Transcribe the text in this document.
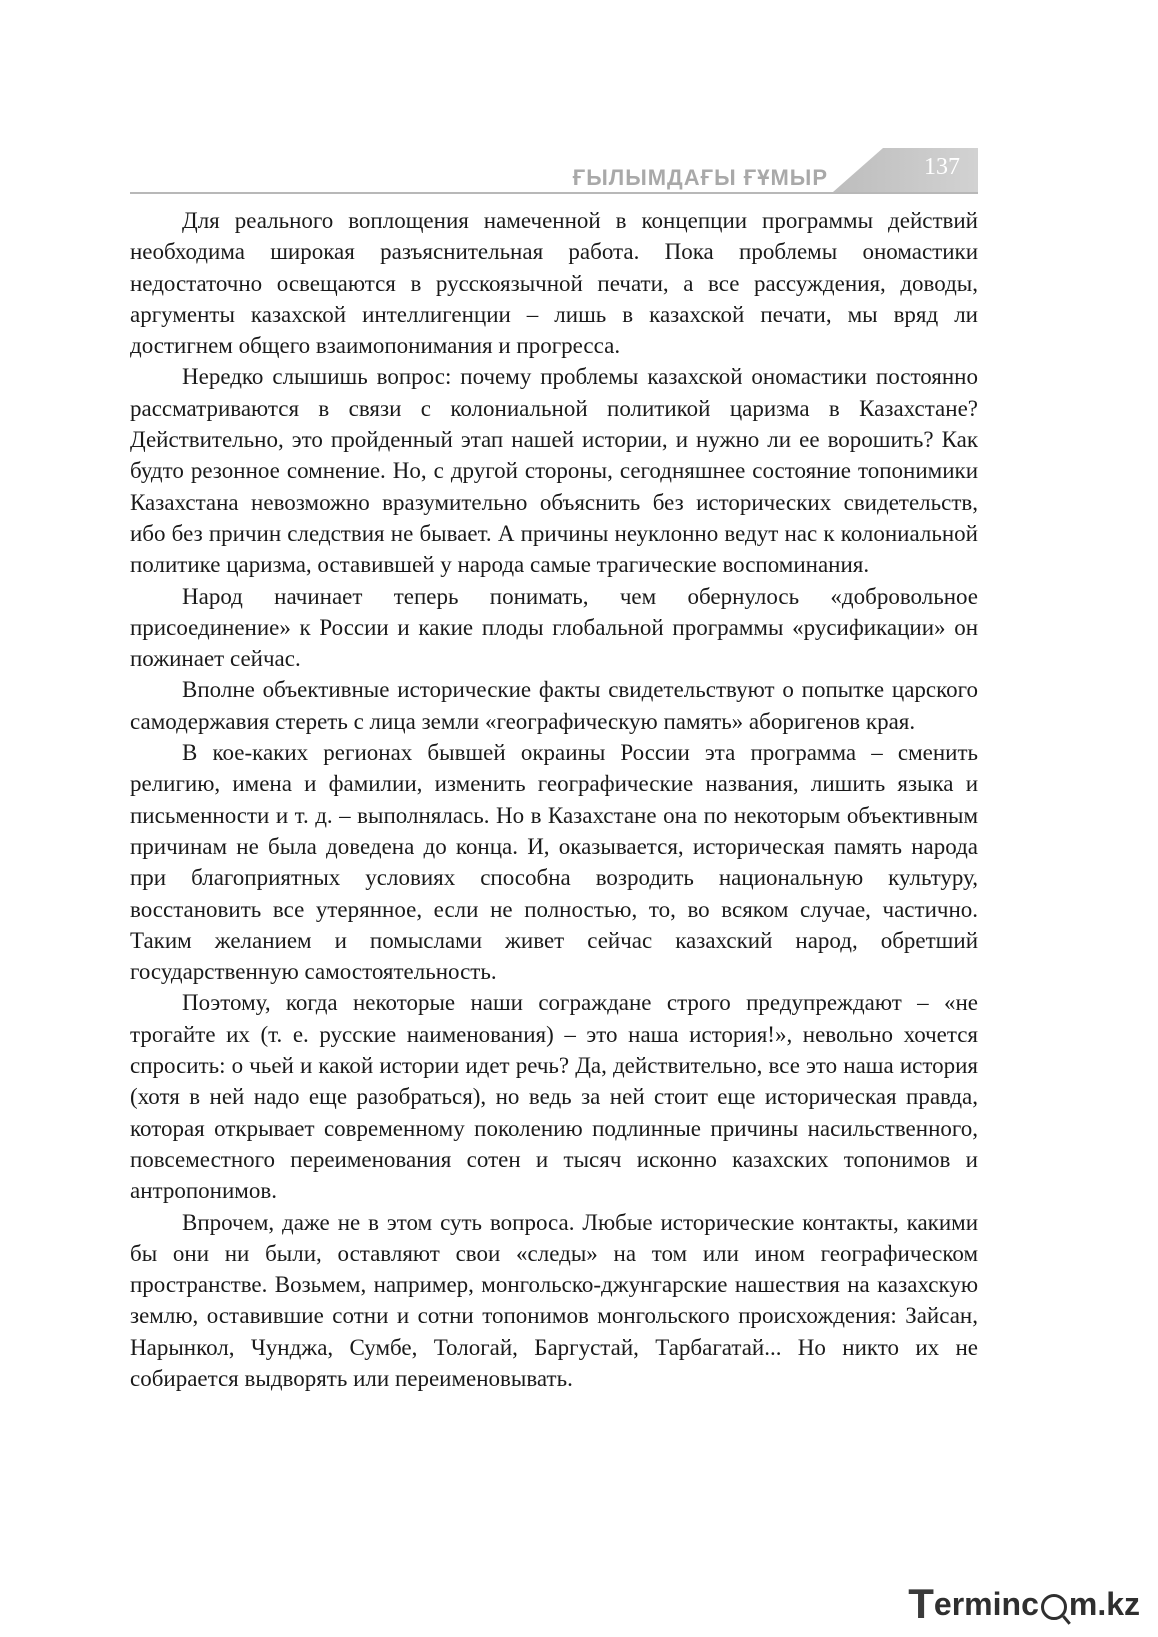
ҒЫЛЫМДАҒЫ ҒҰМЫР	137

Для реального воплощения намеченной в концепции программы действий необходима широкая разъяснительная работа. Пока проблемы ономастики недостаточно освещаются в русскоязычной печати, а все рассуждения, доводы, аргументы казахской интеллигенции – лишь в казахской печати, мы вряд ли достигнем общего взаимопонимания и прогресса.

Нередко слышишь вопрос: почему проблемы казахской ономастики постоянно рассматриваются в связи с колониальной политикой царизма в Казахстане? Действительно, это пройденный этап нашей истории, и нужно ли ее ворошить? Как будто резонное сомнение. Но, с другой стороны, сегодняшнее состояние топонимики Казахстана невозможно вразумительно объяснить без исторических свидетельств, ибо без причин следствия не бывает. А причины неуклонно ведут нас к колониальной политике царизма, оставившей у народа самые трагические воспоминания.

Народ начинает теперь понимать, чем обернулось «добровольное присоединение» к России и какие плоды глобальной программы «русификации» он пожинает сейчас.

Вполне объективные исторические факты свидетельствуют о попытке царского самодержавия стереть с лица земли «географическую память» аборигенов края.

В кое-каких регионах бывшей окраины России эта программа – сменить религию, имена и фамилии, изменить географические названия, лишить языка и письменности и т. д. – выполнялась. Но в Казахстане она по некоторым объективным причинам не была доведена до конца. И, оказывается, историческая память народа при благоприятных условиях способна возродить национальную культуру, восстановить все утерянное, если не полностью, то, во всяком случае, частично. Таким желанием и помыслами живет сейчас казахский народ, обретший государственную самостоятельность.

Поэтому, когда некоторые наши сограждане строго предупреждают – «не трогайте их (т. е. русские наименования) – это наша история!», невольно хочется спросить: о чьей и какой истории идет речь? Да, действительно, все это наша история (хотя в ней надо еще разобраться), но ведь за ней стоит еще историческая правда, которая открывает современному поколению подлинные причины насильственного, повсеместного переименования сотен и тысяч исконно казахских топонимов и антропонимов.

Впрочем, даже не в этом суть вопроса. Любые исторические контакты, какими бы они ни были, оставляют свои «следы» на том или ином географическом пространстве. Возьмем, например, монгольско-джунгарские нашествия на казахскую землю, оставившие сотни и сотни топонимов монгольского происхождения: Зайсан, Нарынкол, Чунджа, Сумбе, Тологай, Баргустай, Тарбагатай... Но никто их не собирается выдворять или переименовывать.

T erminc m.kz
